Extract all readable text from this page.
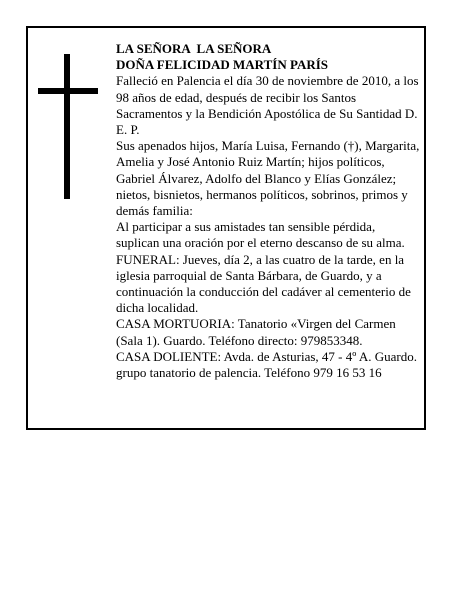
LA SEÑORA  LA SEÑORA

DOÑA FELICIDAD MARTÍN PARÍS

Falleció en Palencia el día 30 de noviembre de 2010, a los 98 años de edad, después de recibir los Santos Sacramentos y la Bendición Apostólica de Su Santidad D. E. P.

Sus apenados hijos, María Luisa, Fernando (†), Margarita, Amelia y José Antonio Ruiz Martín; hijos políticos, Gabriel Álvarez, Adolfo del Blanco y Elías González; nietos, bisnietos, hermanos políticos, sobrinos, primos y demás familia:

Al participar a sus amistades tan sensible pérdida, suplican una oración por el eterno descanso de su alma.

FUNERAL: Jueves, día 2, a las cuatro de la tarde, en la iglesia parroquial de Santa Bárbara, de Guardo, y a continuación la conducción del cadáver al cementerio de dicha localidad.

CASA MORTUORIA: Tanatorio «Virgen del Carmen (Sala 1). Guardo. Teléfono directo: 979853348.

CASA DOLIENTE: Avda. de Asturias, 47 - 4º A. Guardo.

grupo tanatorio de palencia. Teléfono 979 16 53 16
